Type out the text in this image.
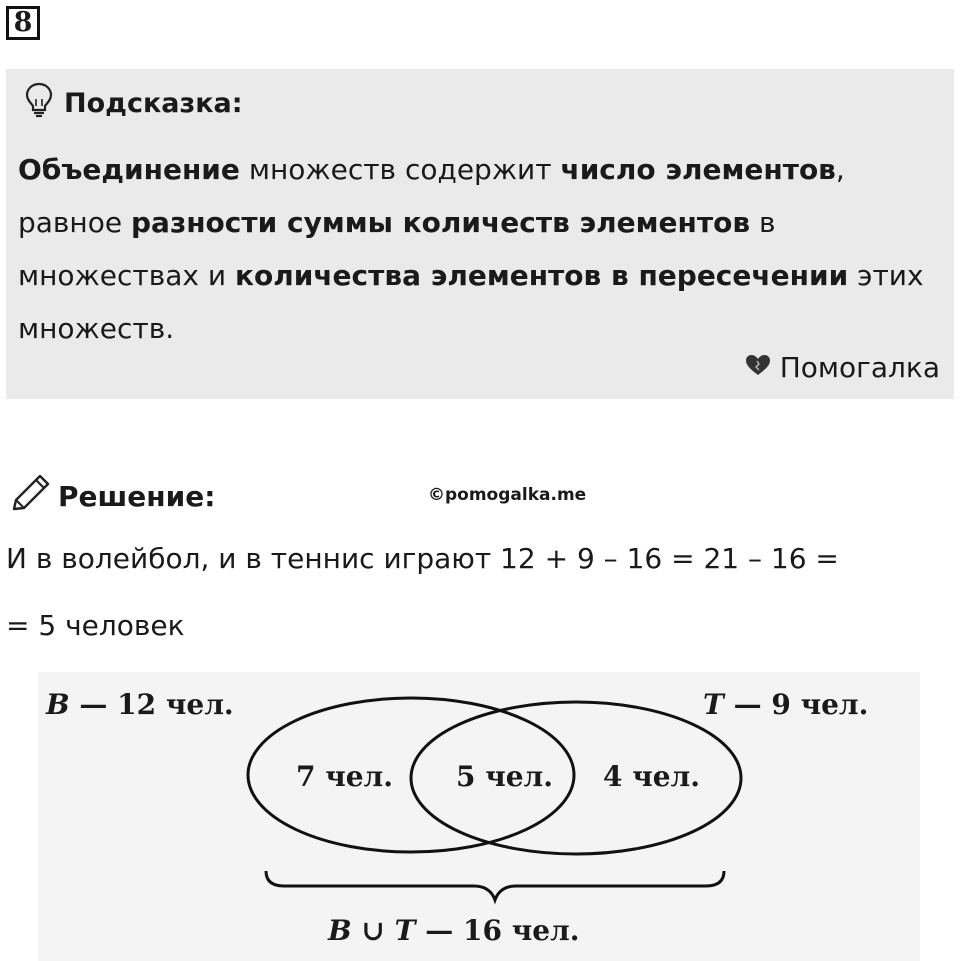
8
Подсказка:
Объединение множеств содержит число элементов,
равное разности суммы количеств элементов в
множествах и количества элементов в пересечении этих
множеств.
Помогалка
Решение:	©pomogalka.me
И в волейбол, и в теннис играют 12 + 9 – 16 = 21 – 16 =
= 5 человек
B — 12 чел.	T — 9 чел.
7 чел. 5 чел. 4 чел.
B ∪ T — 16 чел.
